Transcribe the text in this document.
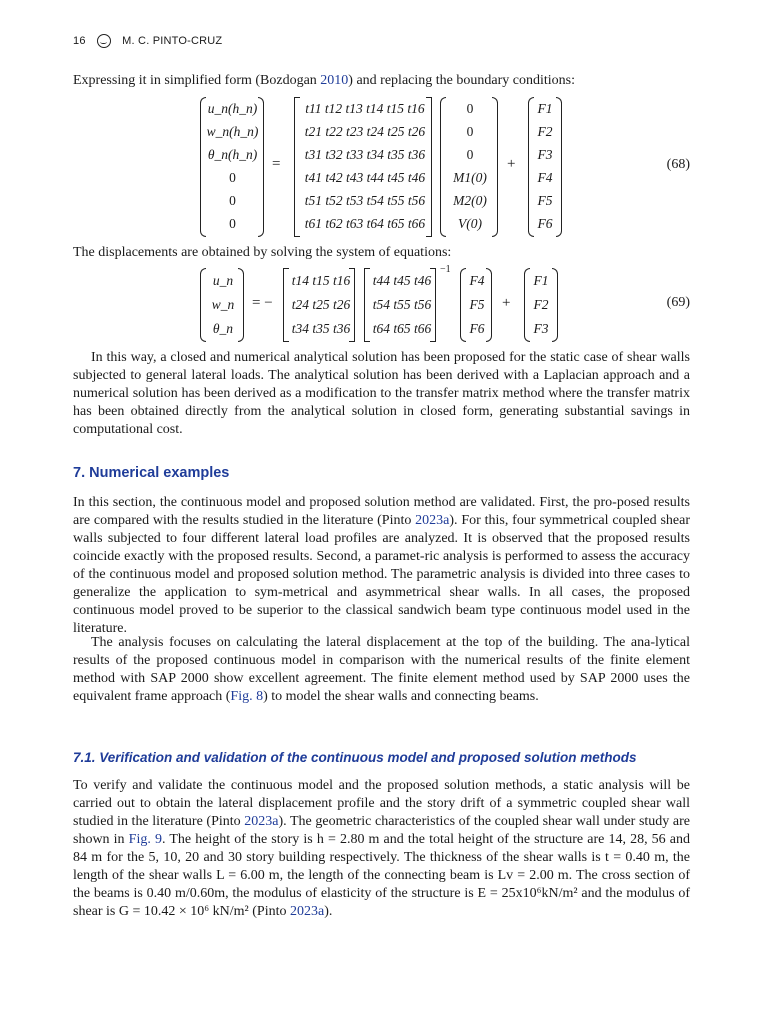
16	M. C. PINTO-CRUZ

Expressing it in simplified form (Bozdogan 2010) and replacing the boundary conditions:

u_n(h_n)
w_n(h_n)
θ_n(h_n)
0
0
0
=
t11 t12 t13 t14 t15 t16
t21 t22 t23 t24 t25 t26
t31 t32 t33 t34 t35 t36
t41 t42 t43 t44 t45 t46
t51 t52 t53 t54 t55 t56
t61 t62 t63 t64 t65 t66
0
0
0
M1(0)
M2(0)
V(0)
+
F1
F2
F3
F4
F5
F6
(68)

The displacements are obtained by solving the system of equations:

u_n
w_n
θ_n
= −
t14 t15 t16
t24 t25 t26
t34 t35 t36
t44 t45 t46
t54 t55 t56
t64 t65 t66
−1
F4
F5
F6
+
F1
F2
F3
(69)

In this way, a closed and numerical analytical solution has been proposed for the static case of shear walls subjected to general lateral loads. The analytical solution has been derived with a Laplacian approach and a numerical solution has been derived as a modification to the transfer matrix method where the transfer matrix has been obtained directly from the analytical solution in closed form, generating substantial savings in computational cost.

7. Numerical examples

In this section, the continuous model and proposed solution method are validated. First, the pro-posed results are compared with the results studied in the literature (Pinto 2023a). For this, four symmetrical coupled shear walls subjected to four different lateral load profiles are analyzed. It is observed that the proposed results coincide exactly with the proposed results. Second, a paramet-ric analysis is performed to assess the accuracy of the continuous model and proposed solution method. The parametric analysis is divided into three cases to generalize the application to sym-metrical and asymmetrical shear walls. In all cases, the proposed continuous model proved to be superior to the classical sandwich beam type continuous model used in the literature.

The analysis focuses on calculating the lateral displacement at the top of the building. The ana-lytical results of the proposed continuous model in comparison with the numerical results of the finite element method with SAP 2000 show excellent agreement. The finite element method used by SAP 2000 uses the equivalent frame approach (Fig. 8) to model the shear walls and connecting beams.

7.1. Verification and validation of the continuous model and proposed solution methods

To verify and validate the continuous model and the proposed solution methods, a static analysis will be carried out to obtain the lateral displacement profile and the story drift of a symmetric coupled shear wall studied in the literature (Pinto 2023a). The geometric characteristics of the coupled shear wall under study are shown in Fig. 9. The height of the story is h = 2.80 m and the total height of the structure are 14, 28, 56 and 84 m for the 5, 10, 20 and 30 story building respectively. The thickness of the shear walls is t = 0.40 m, the length of the shear walls L = 6.00 m, the length of the connecting beam is Lv = 2.00 m. The cross section of the beams is 0.40 m/0.60m, the modulus of elasticity of the structure is E = 25x10⁶kN/m² and the modulus of shear is G = 10.42 × 10⁶ kN/m² (Pinto 2023a).
